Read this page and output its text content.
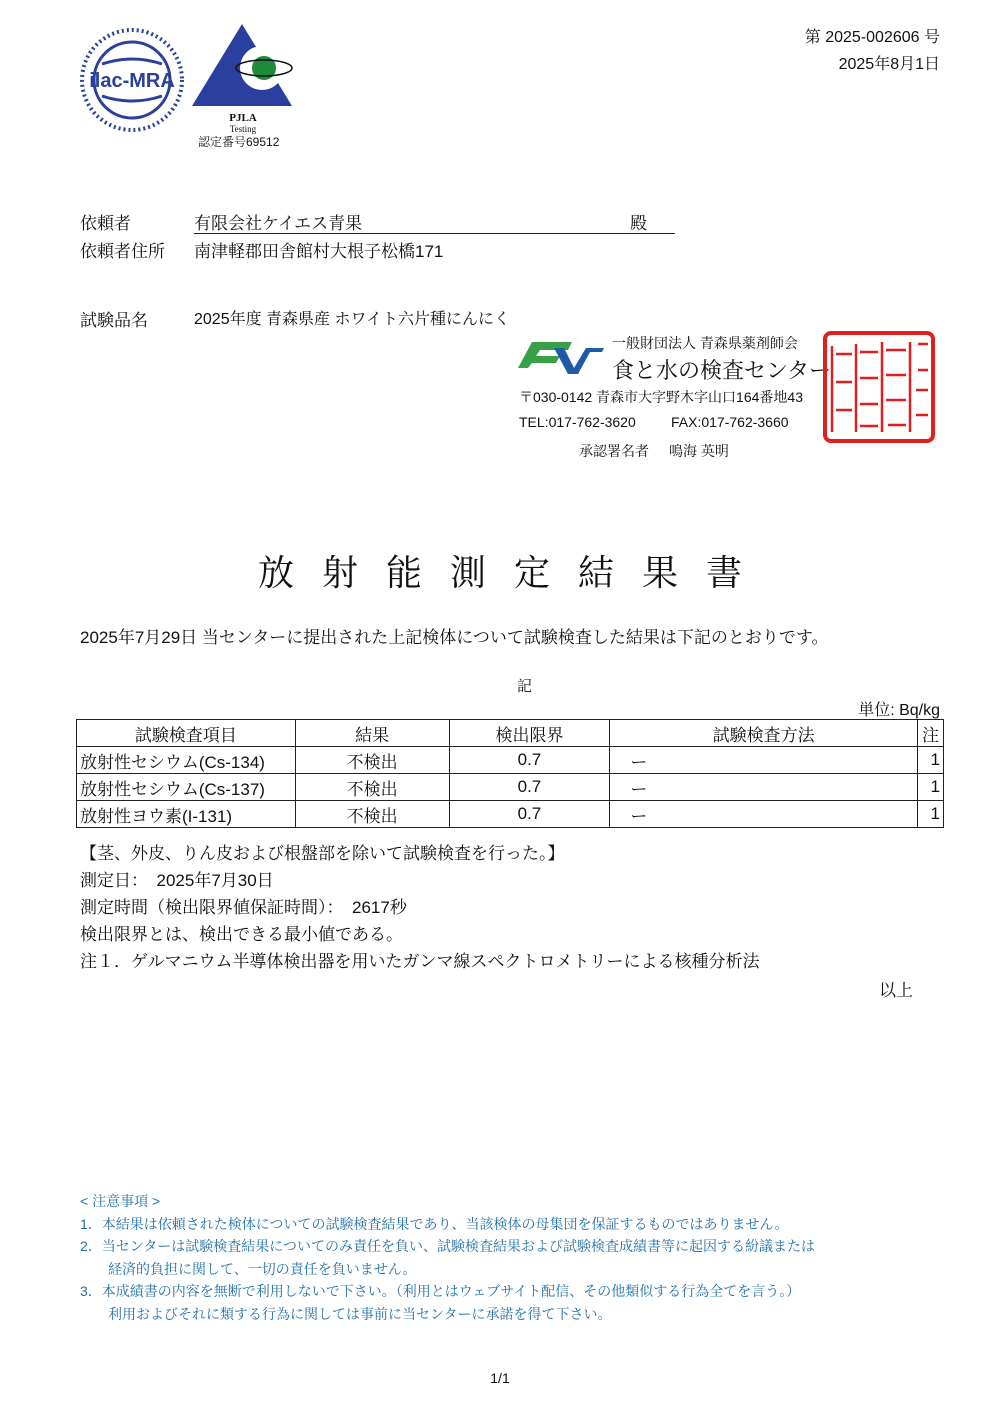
ilac-MRA
PJLA
Testing
認定番号69512
第 2025-002606 号
2025年8月1日
依頼者	有限会社ケイエス青果	殿
依頼者住所 南津軽郡田舎館村大根子松橋171
試験品名	2025年度 青森県産 ホワイト六片種にんにく
一般財団法人 青森県薬剤師会
食と水の検査センター
〒030-0142 青森市大字野木字山口164番地43
TEL:017-762-3620	FAX:017-762-3660
承認署名者 鳴海 英明
放射能測定結果書
2025年7月29日 当センターに提出された上記検体について試験検査した結果は下記のとおりです。
記
単位: Bq/kg
試験検査項目	結果	検出限界	試験検査方法	注
放射性セシウム(Cs-134)	不検出	0.7	ー	1
放射性セシウム(Cs-137)	不検出	0.7	ー	1
放射性ヨウ素(I-131)	不検出	0.7	ー	1
【茎、外皮、りん皮および根盤部を除いて試験検査を行った。】
測定日：　2025年7月30日
測定時間（検出限界値保証時間）：　2617秒
検出限界とは、検出できる最小値である。
注１．ゲルマニウム半導体検出器を用いたガンマ線スペクトロメトリーによる核種分析法
以上
< 注意事項 >
1．本結果は依頼された検体についての試験検査結果であり、当該検体の母集団を保証するものではありません。
2．当センターは試験検査結果についてのみ責任を負い、試験検査結果および試験検査成績書等に起因する紛議または
経済的負担に関して、一切の責任を負いません。
3．本成績書の内容を無断で利用しないで下さい。（利用とはウェブサイト配信、その他類似する行為全てを言う。）
利用およびそれに類する行為に関しては事前に当センターに承諾を得て下さい。
1/1
